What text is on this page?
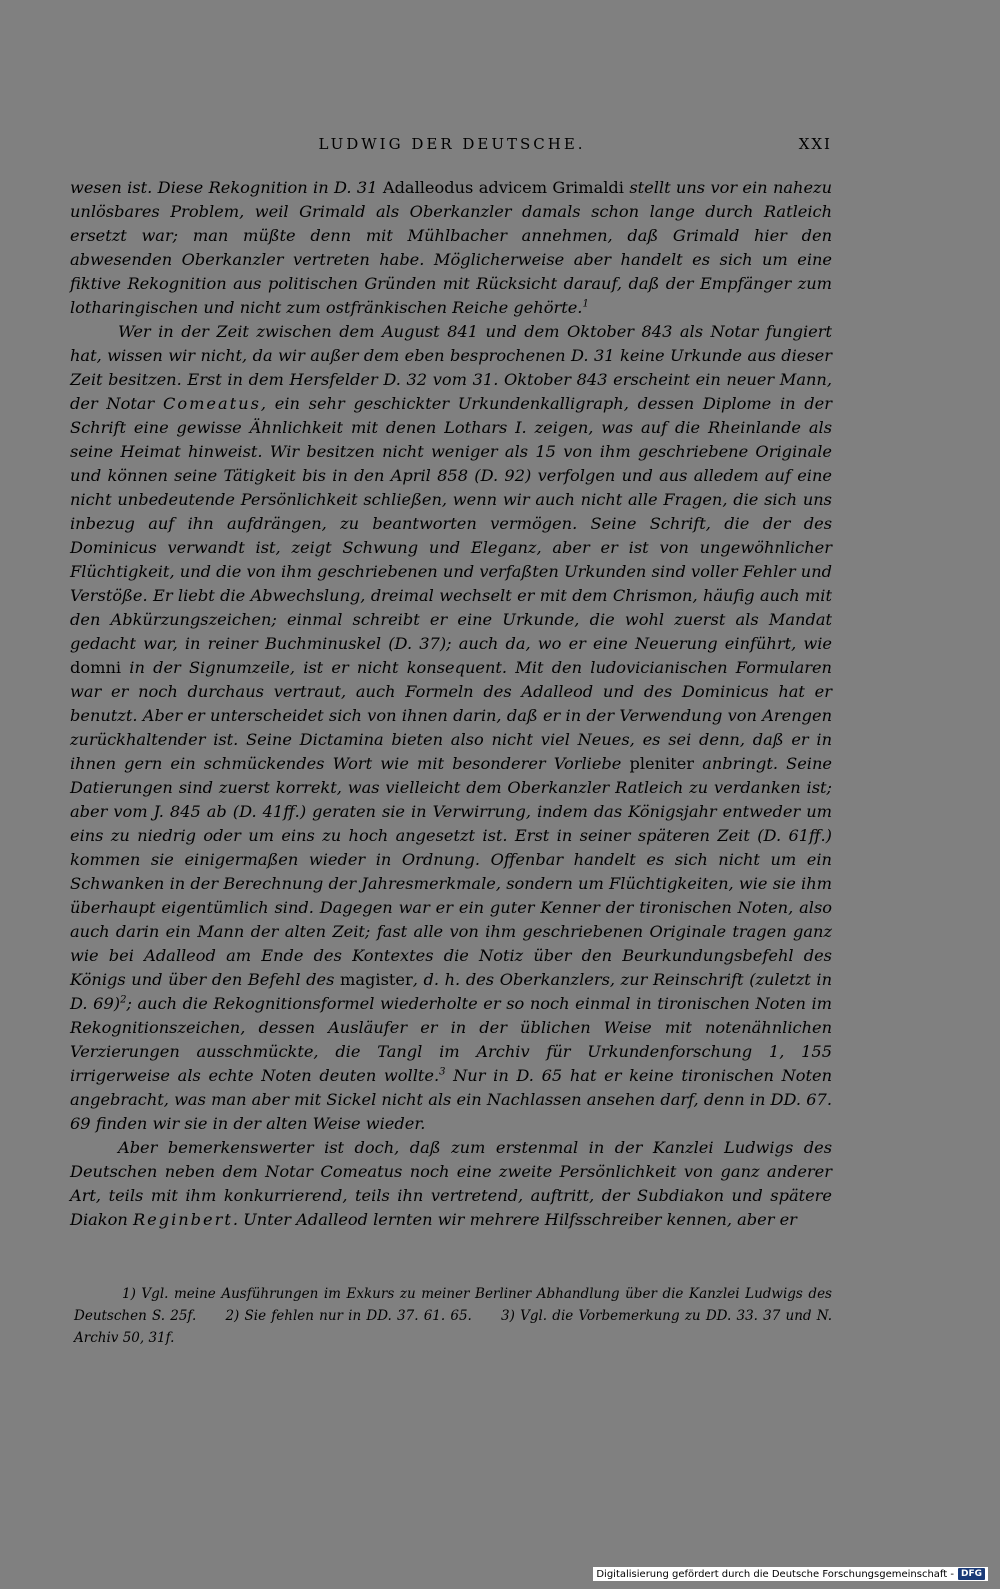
LUDWIG DER DEUTSCHE.	XXI

wesen ist. Diese Rekognition in D. 31 Adalleodus advicem Grimaldi stellt uns vor ein nahezu unlösbares Problem, weil Grimald als Oberkanzler damals schon lange durch Ratleich ersetzt war; man müßte denn mit Mühlbacher annehmen, daß Grimald hier den abwesenden Oberkanzler vertreten habe. Möglicherweise aber handelt es sich um eine fiktive Rekognition aus politischen Gründen mit Rücksicht darauf, daß der Empfänger zum lotharingischen und nicht zum ostfränkischen Reiche gehörte.$^1$

Wer in der Zeit zwischen dem August 841 und dem Oktober 843 als Notar fungiert hat, wissen wir nicht, da wir außer dem eben besprochenen D. 31 keine Urkunde aus dieser Zeit besitzen. Erst in dem Hersfelder D. 32 vom 31. Oktober 843 erscheint ein neuer Mann, der Notar Comeatus, ein sehr geschickter Urkundenkalligraph, dessen Diplome in der Schrift eine gewisse Ähnlichkeit mit denen Lothars I. zeigen, was auf die Rheinlande als seine Heimat hinweist. Wir besitzen nicht weniger als 15 von ihm geschriebene Originale und können seine Tätigkeit bis in den April 858 (D. 92) verfolgen und aus alledem auf eine nicht unbedeutende Persönlichkeit schließen, wenn wir auch nicht alle Fragen, die sich uns inbezug auf ihn aufdrängen, zu beantworten vermögen. Seine Schrift, die der des Dominicus verwandt ist, zeigt Schwung und Eleganz, aber er ist von ungewöhnlicher Flüchtigkeit, und die von ihm geschriebenen und verfaßten Urkunden sind voller Fehler und Verstöße. Er liebt die Abwechslung, dreimal wechselt er mit dem Chrismon, häufig auch mit den Abkürzungszeichen; einmal schreibt er eine Urkunde, die wohl zuerst als Mandat gedacht war, in reiner Buchminuskel (D. 37); auch da, wo er eine Neuerung einführt, wie domni in der Signumzeile, ist er nicht konsequent. Mit den ludovicianischen Formularen war er noch durchaus vertraut, auch Formeln des Adalleod und des Dominicus hat er benutzt. Aber er unterscheidet sich von ihnen darin, daß er in der Verwendung von Arengen zurückhaltender ist. Seine Dictamina bieten also nicht viel Neues, es sei denn, daß er in ihnen gern ein schmückendes Wort wie mit besonderer Vorliebe pleniter anbringt. Seine Datierungen sind zuerst korrekt, was vielleicht dem Oberkanzler Ratleich zu verdanken ist; aber vom J. 845 ab (D. 41ff.) geraten sie in Verwirrung, indem das Königsjahr entweder um eins zu niedrig oder um eins zu hoch angesetzt ist. Erst in seiner späteren Zeit (D. 61ff.) kommen sie einigermaßen wieder in Ordnung. Offenbar handelt es sich nicht um ein Schwanken in der Berechnung der Jahresmerkmale, sondern um Flüchtigkeiten, wie sie ihm überhaupt eigentümlich sind. Dagegen war er ein guter Kenner der tironischen Noten, also auch darin ein Mann der alten Zeit; fast alle von ihm geschriebenen Originale tragen ganz wie bei Adalleod am Ende des Kontextes die Notiz über den Beurkundungsbefehl des Königs und über den Befehl des magister, d. h. des Oberkanzlers, zur Reinschrift (zuletzt in D. 69)$^2$; auch die Rekognitionsformel wiederholte er so noch einmal in tironischen Noten im Rekognitionszeichen, dessen Ausläufer er in der üblichen Weise mit notenähnlichen Verzierungen ausschmückte, die Tangl im Archiv für Urkundenforschung 1, 155 irrigerweise als echte Noten deuten wollte.$^3$ Nur in D. 65 hat er keine tironischen Noten angebracht, was man aber mit Sickel nicht als ein Nachlassen ansehen darf, denn in DD. 67. 69 finden wir sie in der alten Weise wieder.

Aber bemerkenswerter ist doch, daß zum erstenmal in der Kanzlei Ludwigs des Deutschen neben dem Notar Comeatus noch eine zweite Persönlichkeit von ganz anderer Art, teils mit ihm konkurrierend, teils ihn vertretend, auftritt, der Subdiakon und spätere Diakon Reginbert. Unter Adalleod lernten wir mehrere Hilfsschreiber kennen, aber er

1) Vgl. meine Ausführungen im Exkurs zu meiner Berliner Abhandlung über die Kanzlei Ludwigs des Deutschen S. 25f. 2) Sie fehlen nur in DD. 37. 61. 65. 3) Vgl. die Vorbemerkung zu DD. 33. 37 und N. Archiv 50, 31f.

Digitalisierung gefördert durch die Deutsche Forschungsgemeinschaft - DFG
